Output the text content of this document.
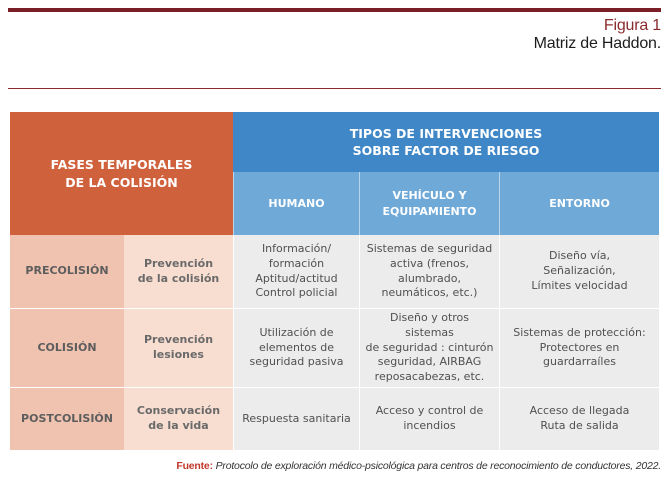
Figura 1

Matriz de Haddon.

FASES TEMPORALES
DE LA COLISIÓN
TIPOS DE INTERVENCIONES
SOBRE FACTOR DE RIESGO
HUMANO
VEHÍCULO Y
EQUIPAMIENTO
ENTORNO
PRECOLISIÓN
Prevención
de la colisión
Información/
formación
Aptitud/actitud
Control policial
Sistemas de seguridad
activa (frenos,
alumbrado,
neumáticos, etc.)
Diseño vía,
Señalización,
Límites velocidad
COLISIÓN
Prevención
lesiones
Utilización de
elementos de
seguridad pasiva
Diseño y otros sistemas
de seguridad : cinturón
seguridad, AIRBAG
reposacabezas, etc.
Sistemas de protección:
Protectores en
guardarraíles
POSTCOLISIÓN
Conservación
de la vida
Respuesta sanitaria
Acceso y control de
incendios
Acceso de llegada
Ruta de salida

Fuente: Protocolo de exploración médico-psicológica para centros de reconocimiento de conductores, 2022.
